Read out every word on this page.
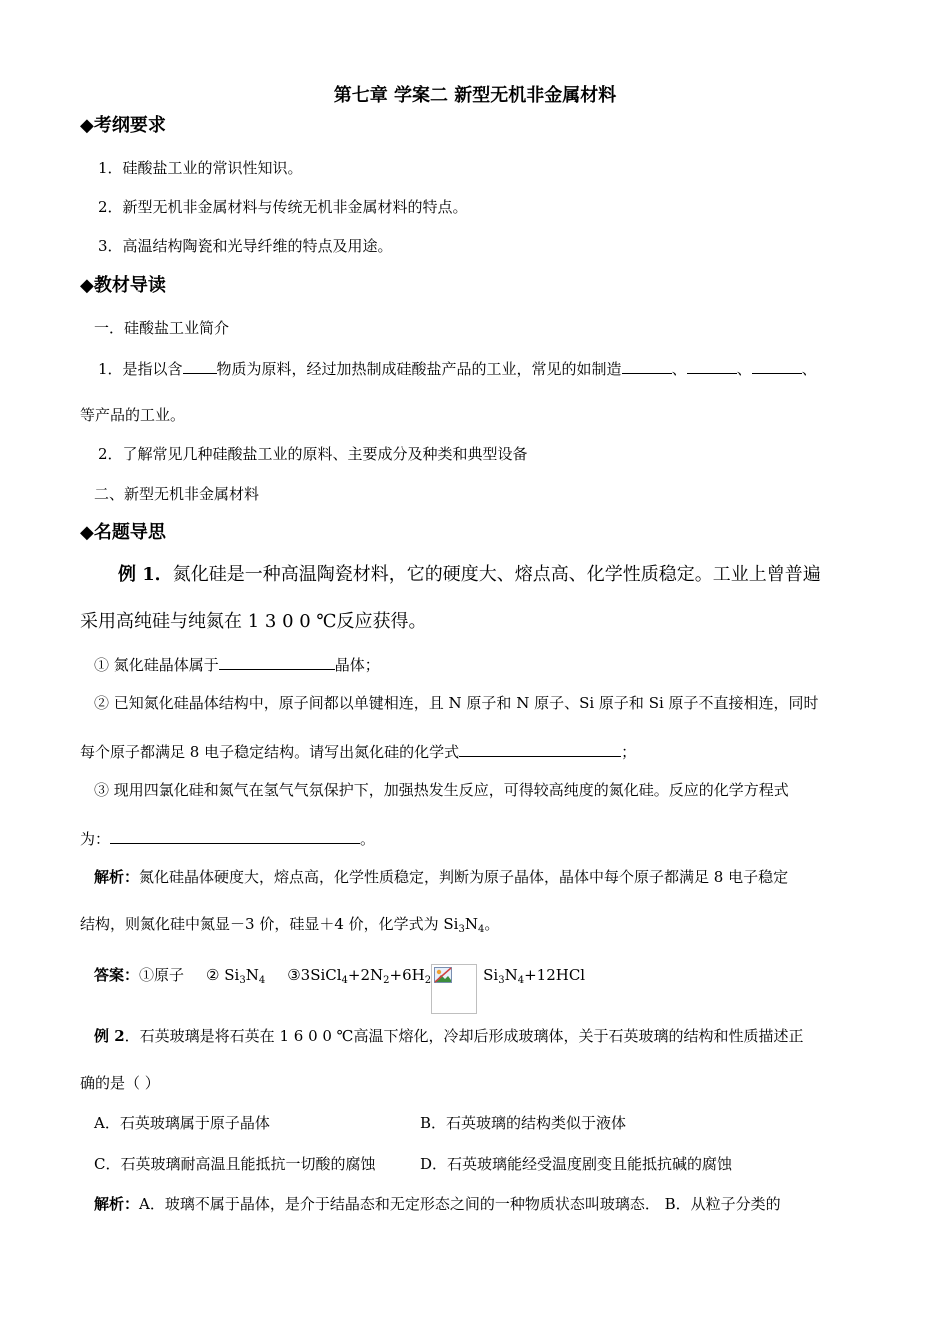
第七章 学案二 新型无机非金属材料
◆考纲要求
1．硅酸盐工业的常识性知识。
2．新型无机非金属材料与传统无机非金属材料的特点。
3．高温结构陶瓷和光导纤维的特点及用途。
◆教材导读
一．硅酸盐工业简介
1．是指以含 物质为原料，经过加热制成硅酸盐产品的工业，常见的如制造	、	、	、
等产品的工业。
2．了解常见几种硅酸盐工业的原料、主要成分及种类和典型设备
二、新型无机非金属材料
◆名题导思
例 1．氮化硅是一种高温陶瓷材料，它的硬度大、熔点高、化学性质稳定。工业上曾普遍
采用高纯硅与纯氮在 1 3 0 0 ℃反应获得。
① 氮化硅晶体属于	晶体；
② 已知氮化硅晶体结构中，原子间都以单键相连，且 N 原子和 N 原子、Si 原子和 Si 原子不直接相连，同时
每个原子都满足 8 电子稳定结构。请写出氮化硅的化学式	；
③ 现用四氯化硅和氮气在氢气气氛保护下，加强热发生反应，可得较高纯度的氮化硅。反应的化学方程式
为：	。
解析：氮化硅晶体硬度大，熔点高，化学性质稳定，判断为原子晶体，晶体中每个原子都满足 8 电子稳定
结构，则氮化硅中氮显－3 价，硅显＋4 价，化学式为 $Si_3N_4$。
答案：①原子 ② $Si_3N_4$ $③3SiCl_4+2N_2+6H_2$	$Si_3N_4+12HCl$
例 2．石英玻璃是将石英在 1 6 0 0 ℃高温下熔化，冷却后形成玻璃体，关于石英玻璃的结构和性质描述正
确的是（ ）
A．石英玻璃属于原子晶体	B．石英玻璃的结构类似于液体
C．石英玻璃耐高温且能抵抗一切酸的腐蚀	D．石英玻璃能经受温度剧变且能抵抗碱的腐蚀
解析：A．玻璃不属于晶体，是介于结晶态和无定形态之间的一种物质状态叫玻璃态． B．从粒子分类的
